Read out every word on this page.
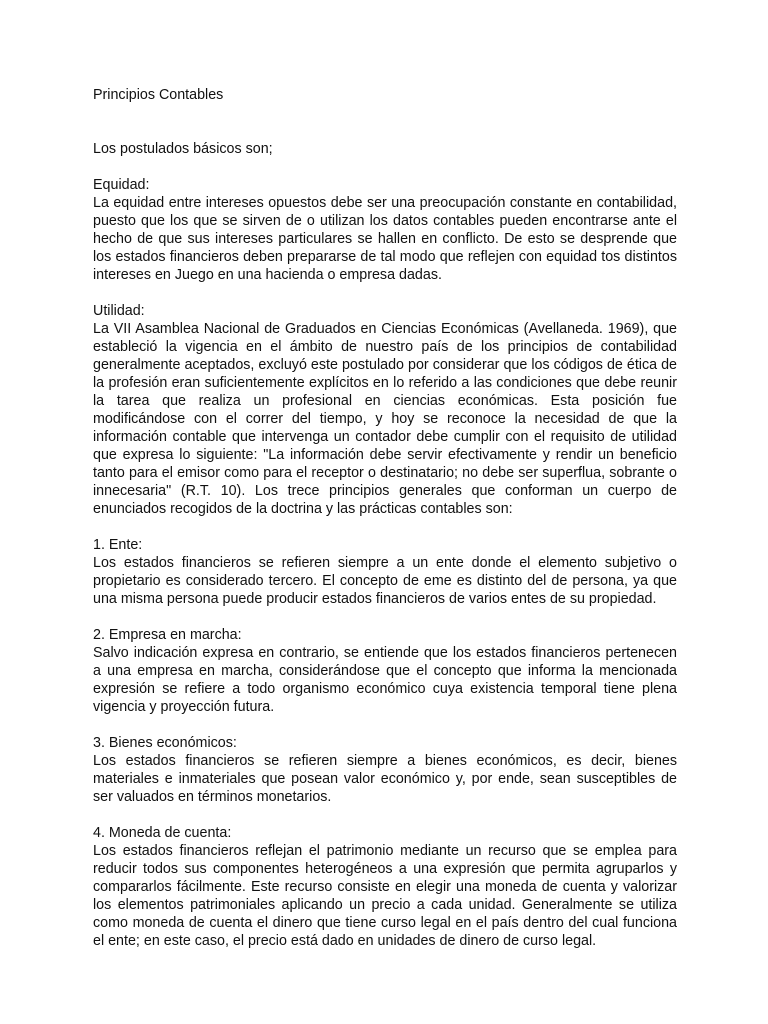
Principios Contables

Los postulados básicos son;

Equidad:

La equidad entre intereses opuestos debe ser una preocupación constante en contabilidad, puesto que los que se sirven de o utilizan los datos contables pueden encontrarse ante el hecho de que sus intereses particulares se hallen en conflicto. De esto se desprende que los estados financieros deben prepararse de tal modo que reflejen con equidad tos distintos intereses en Juego en una hacienda o empresa dadas.

Utilidad:

La VII Asamblea Nacional de Graduados en Ciencias Económicas (Avellaneda. 1969), que estableció la vigencia en el ámbito de nuestro país de los principios de contabilidad generalmente aceptados, excluyó este postulado por considerar que los códigos de ética de la profesión eran suficientemente explícitos en lo referido a las condiciones que debe reunir la tarea que realiza un profesional en ciencias económicas. Esta posición fue modificándose con el correr del tiempo, y hoy se reconoce la necesidad de que la información contable que intervenga un contador debe cumplir con el requisito de utilidad que expresa lo siguiente: "La información debe servir efectivamente y rendir un beneficio tanto para el emisor como para el receptor o destinatario; no debe ser superflua, sobrante o innecesaria" (R.T. 10). Los trece principios generales que conforman un cuerpo de enunciados recogidos de la doctrina y las prácticas contables son:

1. Ente:

Los estados financieros se refieren siempre a un ente donde el elemento subjetivo o propietario es considerado tercero. El concepto de eme es distinto del de persona, ya que una misma persona puede producir estados financieros de varios entes de su propiedad.

2. Empresa en marcha:

Salvo indicación expresa en contrario, se entiende que los estados financieros pertenecen a una empresa en marcha, considerándose que el concepto que informa la mencionada expresión se refiere a todo organismo económico cuya existencia temporal tiene plena vigencia y proyección futura.

3. Bienes económicos:

Los estados financieros se refieren siempre a bienes económicos, es decir, bienes materiales e inmateriales que posean valor económico y, por ende, sean susceptibles de ser valuados en términos monetarios.

4. Moneda de cuenta:

Los estados financieros reflejan el patrimonio mediante un recurso que se emplea para reducir todos sus componentes heterogéneos a una expresión que permita agruparlos y compararlos fácilmente. Este recurso consiste en elegir una moneda de cuenta y valorizar los elementos patrimoniales aplicando un precio a cada unidad. Generalmente se utiliza como moneda de cuenta el dinero que tiene curso legal en el país dentro del cual funciona el ente; en este caso, el precio está dado en unidades de dinero de curso legal.
